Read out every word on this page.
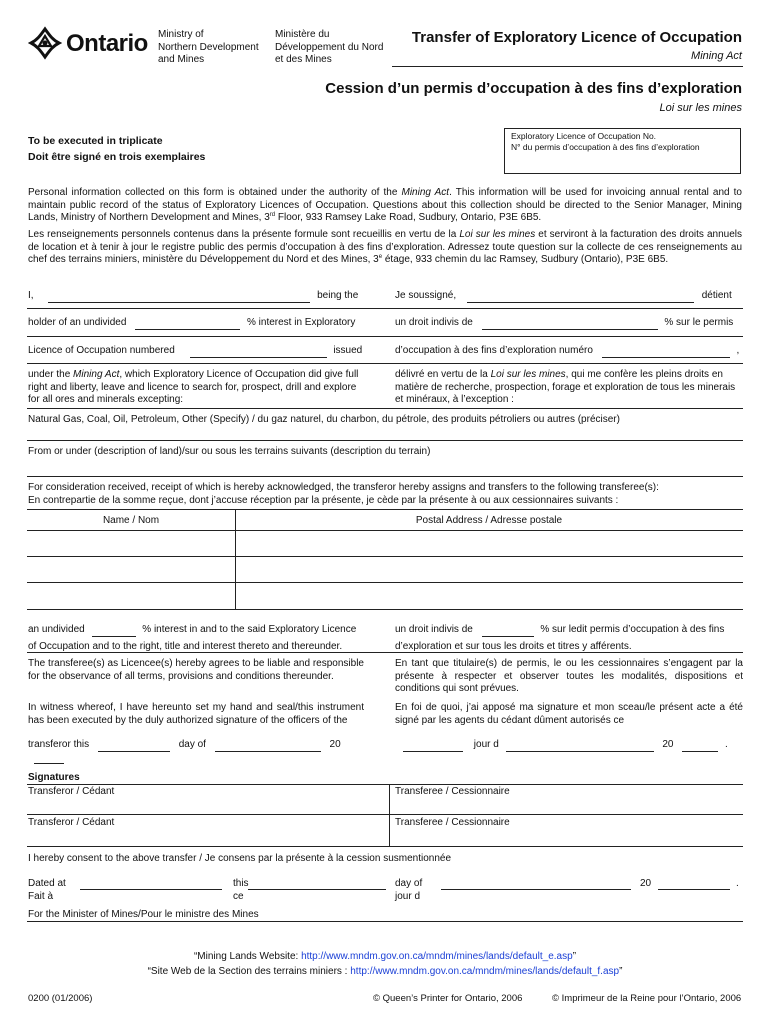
Ontario Ministry of
Northern Development
and Mines
Ministère du
Développement du Nord
et des Mines
Transfer of Exploratory Licence of Occupation
Mining Act
Cession d’un permis d’occupation à des fins d’exploration
Loi sur les mines
To be executed in triplicate
Doit être signé en trois exemplaires
Exploratory Licence of Occupation No.
N° du permis d’occupation à des fins d’exploration
Personal information collected on this form is obtained under the authority of the Mining Act. This information will be used for invoicing annual rental and to maintain public record of the status of Exploratory Licences of Occupation. Questions about this collection should be directed to the Senior Manager, Mining Lands, Ministry of Northern Development and Mines, 3rd Floor, 933 Ramsey Lake Road, Sudbury, Ontario, P3E 6B5.
Les renseignements personnels contenus dans la présente formule sont recueillis en vertu de la Loi sur les mines et serviront à la facturation des droits annuels de location et à tenir à jour le registre public des permis d’occupation à des fins d’exploration. Adressez toute question sur la collecte de ces renseignements au chef des terrains miniers, ministère du Développement du Nord et des Mines, 3e étage, 933 chemin du lac Ramsey, Sudbury (Ontario), P3E 6B5.
I,	being the	Je soussigné,	détient
holder of an undivided	% interest in Exploratory	un droit indivis de	% sur le permis
Licence of Occupation numbered	issued	d’occupation à des fins d’exploration numéro	,
under the Mining Act, which Exploratory Licence of Occupation did give full right and liberty, leave and licence to search for, prospect, drill and explore for all ores and minerals excepting:
délivré en vertu de la Loi sur les mines, qui me confère les pleins droits en matière de recherche, prospection, forage et exploration de tous les minerais et minéraux, à l’exception :
Natural Gas, Coal, Oil, Petroleum, Other (Specify) / du gaz naturel, du charbon, du pétrole, des produits pétroliers ou autres (préciser)
From or under (description of land)/sur ou sous les terrains suivants (description du terrain)
For consideration received, receipt of which is hereby acknowledged, the transferor hereby assigns and transfers to the following transferee(s):
En contrepartie de la somme reçue, dont j’accuse réception par la présente, je cède par la présente à ou aux cessionnaires suivants :
Name / Nom	Postal Address / Adresse postale
an undivided	% interest in and to the said Exploratory Licence	un droit indivis de	% sur ledit permis d’occupation à des fins
of Occupation and to the right, title and interest thereto and thereunder.	d’exploration et sur tous les droits et titres y afférents.
The transferee(s) as Licencee(s) hereby agrees to be liable and responsible for the observance of all terms, provisions and conditions thereunder.
En tant que titulaire(s) de permis, le ou les cessionnaires s’engagent par la présente à respecter et observer toutes les modalités, dispositions et conditions qui sont prévues.
In witness whereof, I have hereunto set my hand and seal/this instrument has been executed by the duly authorized signature of the officers of the
En foi de quoi, j’ai apposé ma signature et mon sceau/le présent acte a été signé par les agents du cédant dûment autorisés ce
transferor this	day of	20	jour d	20	.
Signatures
Transferor / Cédant	Transferee / Cessionnaire
Transferor / Cédant	Transferee / Cessionnaire
I hereby consent to the above transfer / Je consens par la présente à la cession susmentionnée
Dated at
Fait à
this
ce
day of
jour d
20	.
For the Minister of Mines/Pour le ministre des Mines
“Mining Lands Website: http://www.mndm.gov.on.ca/mndm/mines/lands/default_e.asp”
“Site Web de la Section des terrains miniers : http://www.mndm.gov.on.ca/mndm/mines/lands/default_f.asp”
0200 (01/2006)	© Queen’s Printer for Ontario, 2006	© Imprimeur de la Reine pour l’Ontario, 2006
